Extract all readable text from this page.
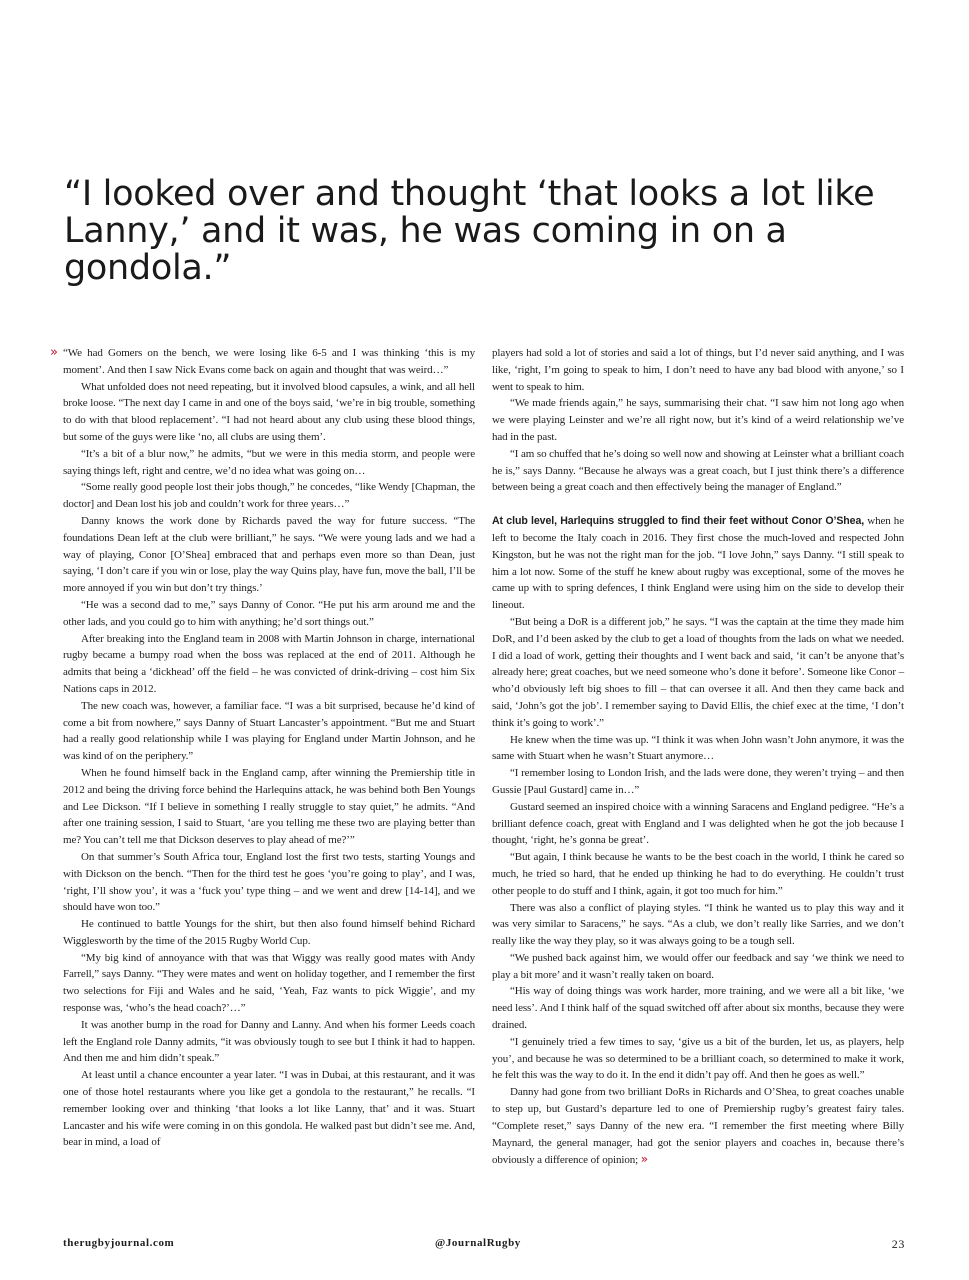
“I looked over and thought ‘that looks a lot like Lanny,’ and it was, he was coming in on a gondola.”

» “We had Gomers on the bench, we were losing like 6-5 and I was thinking ‘this is my moment’. And then I saw Nick Evans come back on again and thought that was weird…”

What unfolded does not need repeating, but it involved blood capsules, a wink, and all hell broke loose. “The next day I came in and one of the boys said, ‘we’re in big trouble, something to do with that blood replacement’. “I had not heard about any club using these blood things, but some of the guys were like ‘no, all clubs are using them’.

“It’s a bit of a blur now,” he admits, “but we were in this media storm, and people were saying things left, right and centre, we’d no idea what was going on…

“Some really good people lost their jobs though,” he concedes, “like Wendy [Chapman, the doctor] and Dean lost his job and couldn’t work for three years…”

Danny knows the work done by Richards paved the way for future success. “The foundations Dean left at the club were brilliant,” he says. “We were young lads and we had a way of playing, Conor [O’Shea] embraced that and perhaps even more so than Dean, just saying, ‘I don’t care if you win or lose, play the way Quins play, have fun, move the ball, I’ll be more annoyed if you win but don’t try things.’

“He was a second dad to me,” says Danny of Conor. “He put his arm around me and the other lads, and you could go to him with anything; he’d sort things out.”

After breaking into the England team in 2008 with Martin Johnson in charge, international rugby became a bumpy road when the boss was replaced at the end of 2011. Although he admits that being a ‘dickhead’ off the field – he was convicted of drink-driving – cost him Six Nations caps in 2012.

The new coach was, however, a familiar face. “I was a bit surprised, because he’d kind of come a bit from nowhere,” says Danny of Stuart Lancaster’s appointment. “But me and Stuart had a really good relationship while I was playing for England under Martin Johnson, and he was kind of on the periphery.”

When he found himself back in the England camp, after winning the Premiership title in 2012 and being the driving force behind the Harlequins attack, he was behind both Ben Youngs and Lee Dickson. “If I believe in something I really struggle to stay quiet,” he admits. “And after one training session, I said to Stuart, ‘are you telling me these two are playing better than me? You can’t tell me that Dickson deserves to play ahead of me?’”

On that summer’s South Africa tour, England lost the first two tests, starting Youngs and with Dickson on the bench. “Then for the third test he goes ‘you’re going to play’, and I was, ‘right, I’ll show you’, it was a ‘fuck you’ type thing – and we went and drew [14-14], and we should have won too.”

He continued to battle Youngs for the shirt, but then also found himself behind Richard Wigglesworth by the time of the 2015 Rugby World Cup.

“My big kind of annoyance with that was that Wiggy was really good mates with Andy Farrell,” says Danny. “They were mates and went on holiday together, and I remember the first two selections for Fiji and Wales and he said, ‘Yeah, Faz wants to pick Wiggie’, and my response was, ‘who’s the head coach?’…”

It was another bump in the road for Danny and Lanny. And when his former Leeds coach left the England role Danny admits, “it was obviously tough to see but I think it had to happen. And then me and him didn’t speak.”

At least until a chance encounter a year later. “I was in Dubai, at this restaurant, and it was one of those hotel restaurants where you like get a gondola to the restaurant,” he recalls. “I remember looking over and thinking ‘that looks a lot like Lanny, that’ and it was. Stuart Lancaster and his wife were coming in on this gondola. He walked past but didn’t see me. And, bear in mind, a load of

players had sold a lot of stories and said a lot of things, but I’d never said anything, and I was like, ‘right, I’m going to speak to him, I don’t need to have any bad blood with anyone,’ so I went to speak to him.

“We made friends again,” he says, summarising their chat. “I saw him not long ago when we were playing Leinster and we’re all right now, but it’s kind of a weird relationship we’ve had in the past.

“I am so chuffed that he’s doing so well now and showing at Leinster what a brilliant coach he is,” says Danny. “Because he always was a great coach, but I just think there’s a difference between being a great coach and then effectively being the manager of England.”

At club level, Harlequins struggled to find their feet without Conor O’Shea, when he left to become the Italy coach in 2016. They first chose the much-loved and respected John Kingston, but he was not the right man for the job. “I love John,” says Danny. “I still speak to him a lot now. Some of the stuff he knew about rugby was exceptional, some of the moves he came up with to spring defences, I think England were using him on the side to develop their lineout.

“But being a DoR is a different job,” he says. “I was the captain at the time they made him DoR, and I’d been asked by the club to get a load of thoughts from the lads on what we needed. I did a load of work, getting their thoughts and I went back and said, ‘it can’t be anyone that’s already here; great coaches, but we need someone who’s done it before’. Someone like Conor – who’d obviously left big shoes to fill – that can oversee it all. And then they came back and said, ‘John’s got the job’. I remember saying to David Ellis, the chief exec at the time, ‘I don’t think it’s going to work’.”

He knew when the time was up. “I think it was when John wasn’t John anymore, it was the same with Stuart when he wasn’t Stuart anymore…

“I remember losing to London Irish, and the lads were done, they weren’t trying – and then Gussie [Paul Gustard] came in…”

Gustard seemed an inspired choice with a winning Saracens and England pedigree. “He’s a brilliant defence coach, great with England and I was delighted when he got the job because I thought, ‘right, he’s gonna be great’.

“But again, I think because he wants to be the best coach in the world, I think he cared so much, he tried so hard, that he ended up thinking he had to do everything. He couldn’t trust other people to do stuff and I think, again, it got too much for him.”

There was also a conflict of playing styles. “I think he wanted us to play this way and it was very similar to Saracens,” he says. “As a club, we don’t really like Sarries, and we don’t really like the way they play, so it was always going to be a tough sell.

“We pushed back against him, we would offer our feedback and say ‘we think we need to play a bit more’ and it wasn’t really taken on board.

“His way of doing things was work harder, more training, and we were all a bit like, ‘we need less’. And I think half of the squad switched off after about six months, because they were drained.

“I genuinely tried a few times to say, ‘give us a bit of the burden, let us, as players, help you’, and because he was so determined to be a brilliant coach, so determined to make it work, he felt this was the way to do it. In the end it didn’t pay off. And then he goes as well.”

Danny had gone from two brilliant DoRs in Richards and O’Shea, to great coaches unable to step up, but Gustard’s departure led to one of Premiership rugby’s greatest fairy tales. “Complete reset,” says Danny of the new era. “I remember the first meeting where Billy Maynard, the general manager, had got the senior players and coaches in, because there’s obviously a difference of opinion; »

therugbyjournal.com	@JournalRugby	23
